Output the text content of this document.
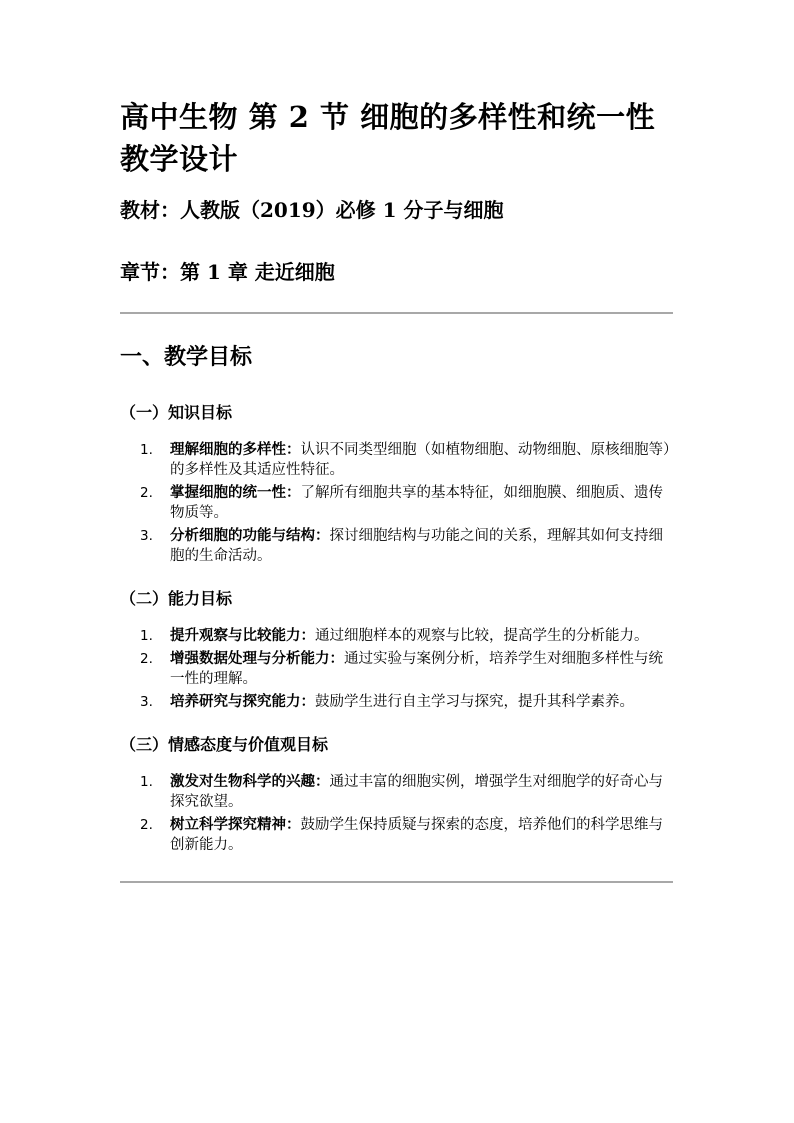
高中生物 第 2 节 细胞的多样性和统一性 教学设计

教材：人教版（2019）必修 1 分子与细胞

章节：第 1 章 走近细胞

一、教学目标
（一）知识目标
1.	理解细胞的多样性：认识不同类型细胞（如植物细胞、动物细胞、原核细胞等）的多样性及其适应性特征。
2.	掌握细胞的统一性：了解所有细胞共享的基本特征，如细胞膜、细胞质、遗传物质等。
3.	分析细胞的功能与结构：探讨细胞结构与功能之间的关系，理解其如何支持细胞的生命活动。
（二）能力目标
1.	提升观察与比较能力：通过细胞样本的观察与比较，提高学生的分析能力。
2.	增强数据处理与分析能力：通过实验与案例分析，培养学生对细胞多样性与统一性的理解。
3.	培养研究与探究能力：鼓励学生进行自主学习与探究，提升其科学素养。
（三）情感态度与价值观目标
1.	激发对生物科学的兴趣：通过丰富的细胞实例，增强学生对细胞学的好奇心与探究欲望。
2.	树立科学探究精神：鼓励学生保持质疑与探索的态度，培养他们的科学思维与创新能力。
